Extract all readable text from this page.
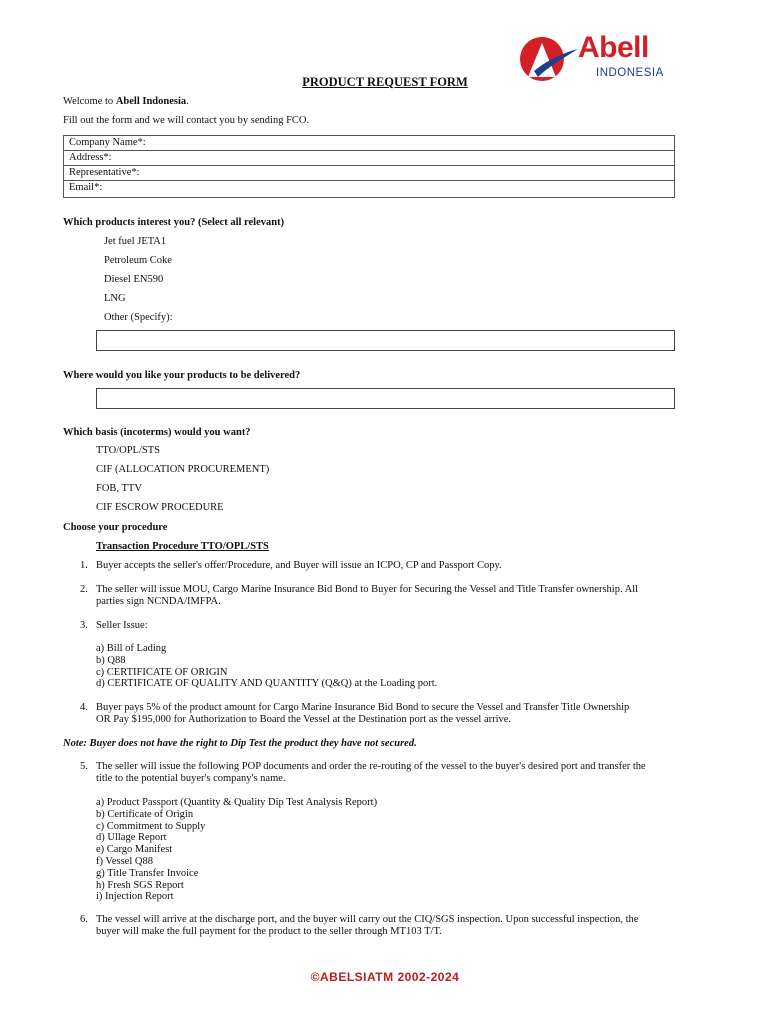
Abell
INDONESIA
PRODUCT REQUEST FORM
Welcome to Abell Indonesia.
Fill out the form and we will contact you by sending FCO.
Company Name*:
Address*:
Representative*:
Email*:
Which products interest you? (Select all relevant)
Jet fuel JETA1
Petroleum Coke
Diesel EN590
LNG
Other (Specify):
Where would you like your products to be delivered?
Which basis (incoterms) would you want?
TTO/OPL/STS
CIF (ALLOCATION PROCUREMENT)
FOB, TTV
CIF ESCROW PROCEDURE
Choose your procedure
Transaction Procedure TTO/OPL/STS
1. Buyer accepts the seller's offer/Procedure, and Buyer will issue an ICPO, CP and Passport Copy.
2. The seller will issue MOU, Cargo Marine Insurance Bid Bond to Buyer for Securing the Vessel and Title Transfer ownership. All
parties sign NCNDA/IMFPA.
3. Seller Issue:
a) Bill of Lading
b) Q88
c) CERTIFICATE OF ORIGIN
d) CERTIFICATE OF QUALITY AND QUANTITY (Q&Q) at the Loading port.
4. Buyer pays 5% of the product amount for Cargo Marine Insurance Bid Bond to secure the Vessel and Transfer Title Ownership
OR Pay $195,000 for Authorization to Board the Vessel at the Destination port as the vessel arrive.
Note: Buyer does not have the right to Dip Test the product they have not secured.
5. The seller will issue the following POP documents and order the re-routing of the vessel to the buyer's desired port and transfer the
title to the potential buyer's company's name.
a) Product Passport (Quantity & Quality Dip Test Analysis Report)
b) Certificate of Origin
c) Commitment to Supply
d) Ullage Report
e) Cargo Manifest
f) Vessel Q88
g) Title Transfer Invoice
h) Fresh SGS Report
i) Injection Report
6. The vessel will arrive at the discharge port, and the buyer will carry out the CIQ/SGS inspection. Upon successful inspection, the
buyer will make the full payment for the product to the seller through MT103 T/T.
©ABELSIATM 2002-2024
